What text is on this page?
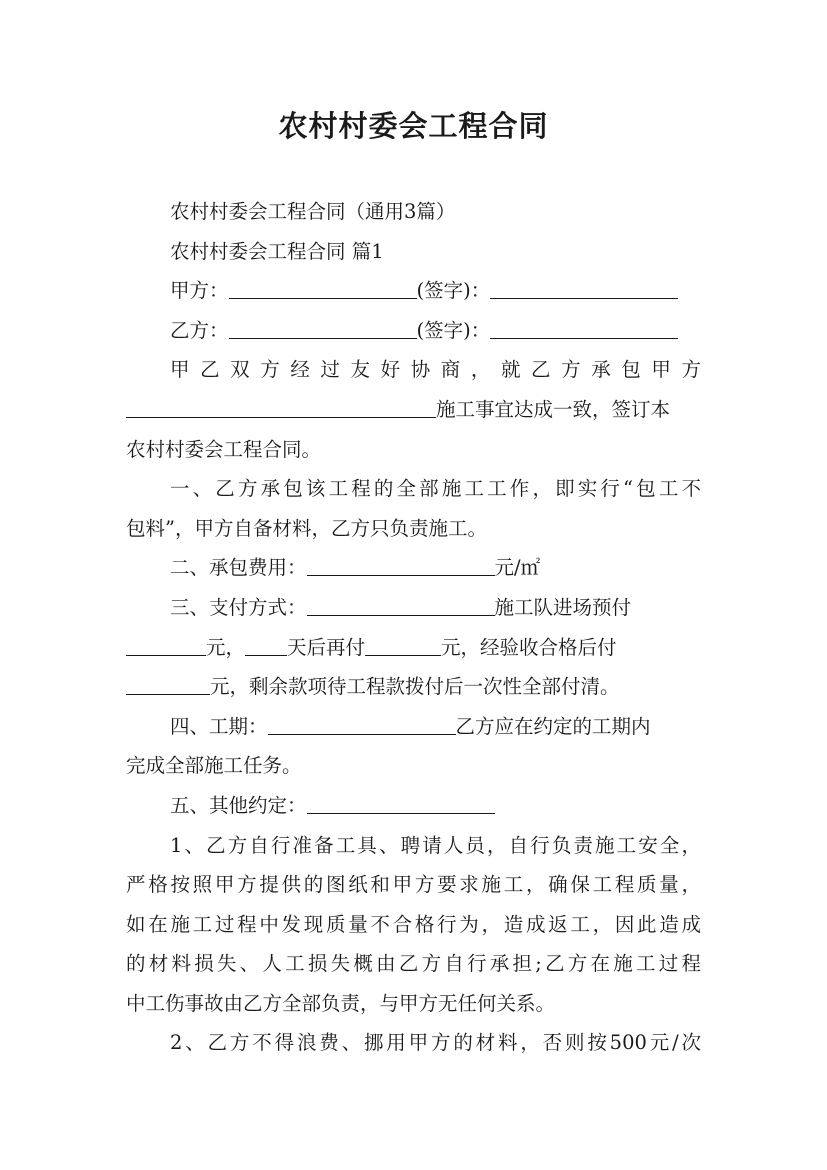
农村村委会工程合同
农村村委会工程合同（通用3篇）
农村村委会工程合同 篇1
甲方：	(签字)：
乙方：	(签字)：
甲乙双方经过友好协商，就乙方承包甲方
施工事宜达成一致，签订本
农村村委会工程合同。
一、乙方承包该工程的全部施工工作，即实行“包工不
包料”，甲方自备材料，乙方只负责施工。
二、承包费用：	元/㎡
三、支付方式：	施工队进场预付
元， 天后再付	元，经验收合格后付
元，剩余款项待工程款拨付后一次性全部付清。
四、工期：	乙方应在约定的工期内
完成全部施工任务。
五、其他约定：
1、乙方自行准备工具、聘请人员，自行负责施工安全，
严格按照甲方提供的图纸和甲方要求施工，确保工程质量，
如在施工过程中发现质量不合格行为，造成返工，因此造成
的材料损失、人工损失概由乙方自行承担;乙方在施工过程
中工伤事故由乙方全部负责，与甲方无任何关系。
2、乙方不得浪费、挪用甲方的材料，否则按500元/次
